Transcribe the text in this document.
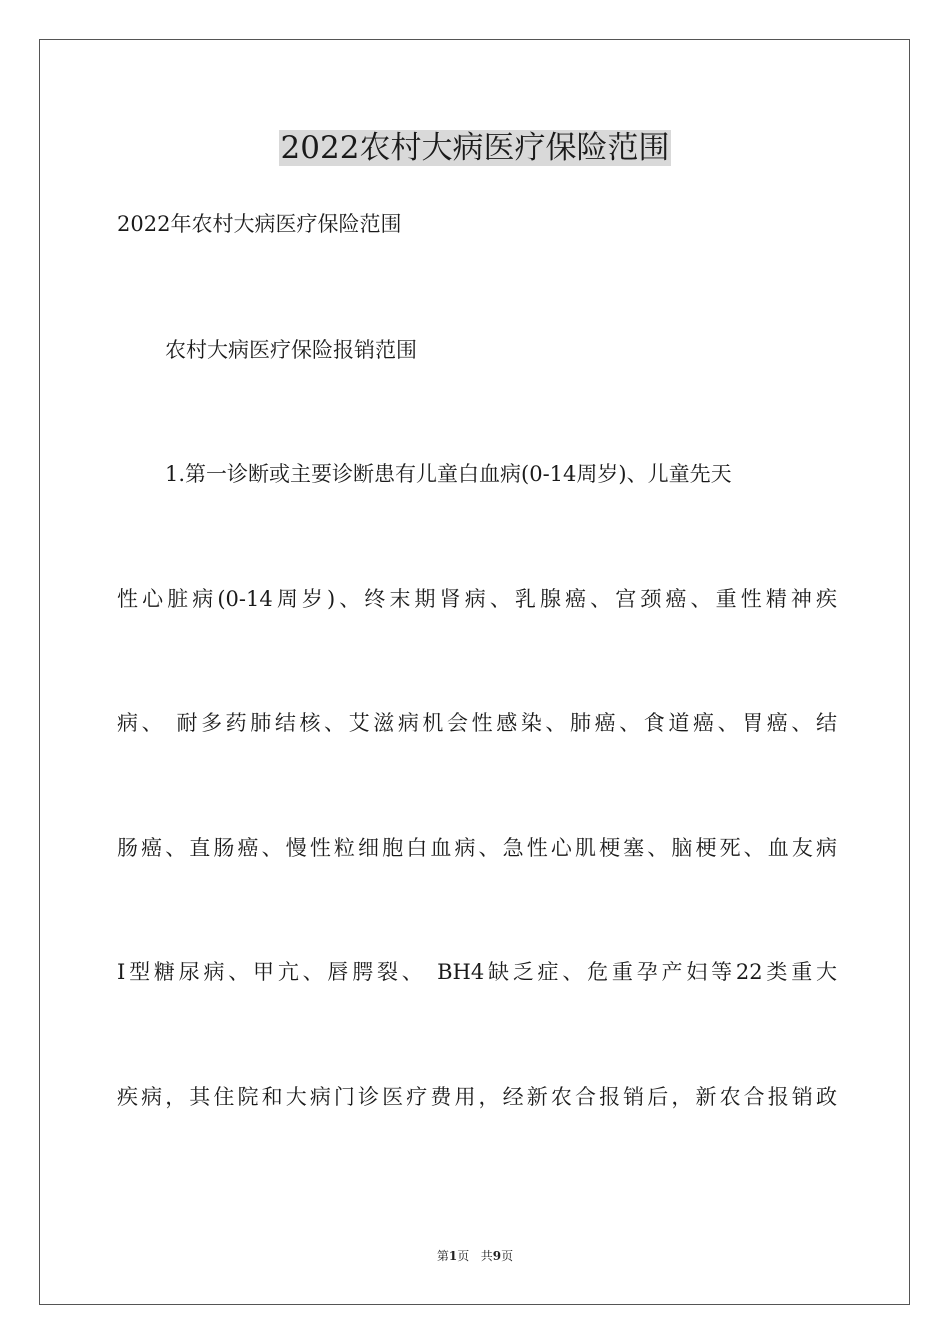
2022农村大病医疗保险范围
2022年农村大病医疗保险范围
农村大病医疗保险报销范围
1.第一诊断或主要诊断患有儿童白血病(0-14周岁)、儿童先天
性心脏病(0-14周岁)、终末期肾病、乳腺癌、宫颈癌、重性精神疾
病、 耐多药肺结核、艾滋病机会性感染、肺癌、食道癌、胃癌、结
肠癌、直肠癌、慢性粒细胞白血病、急性心肌梗塞、脑梗死、血友病
Ⅰ型糖尿病、甲亢、唇腭裂、 BH4缺乏症、危重孕产妇等22类重大
疾病，其住院和大病门诊医疗费用，经新农合报销后，新农合报销政
第1页 共9页
